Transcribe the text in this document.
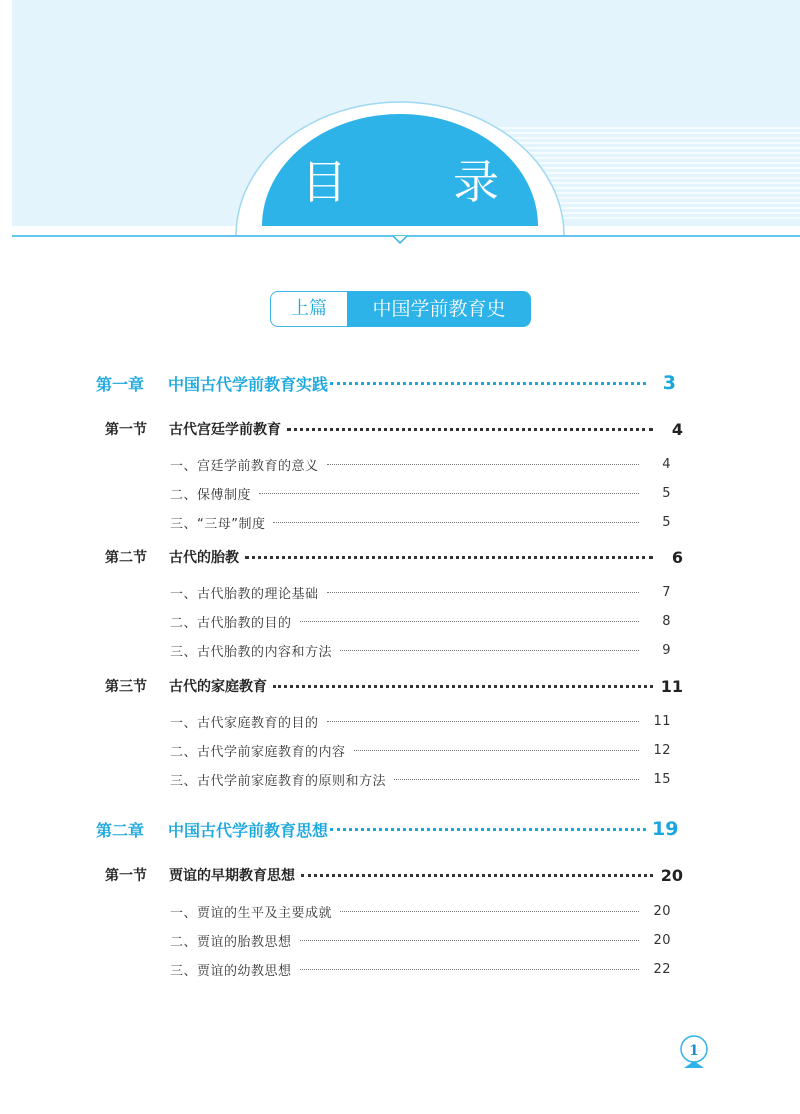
目　录
上篇	中国学前教育史
第一章	中国古代学前教育实践	3
第一节	古代宫廷学前教育	4
一、宫廷学前教育的意义	4
二、保傅制度	5
三、“三母”制度	5
第二节	古代的胎教	6
一、古代胎教的理论基础	7
二、古代胎教的目的	8
三、古代胎教的内容和方法	9
第三节	古代的家庭教育	11
一、古代家庭教育的目的	11
二、古代学前家庭教育的内容	12
三、古代学前家庭教育的原则和方法	15
第二章	中国古代学前教育思想	19
第一节	贾谊的早期教育思想	20
一、贾谊的生平及主要成就	20
二、贾谊的胎教思想	20
三、贾谊的幼教思想	22
1
